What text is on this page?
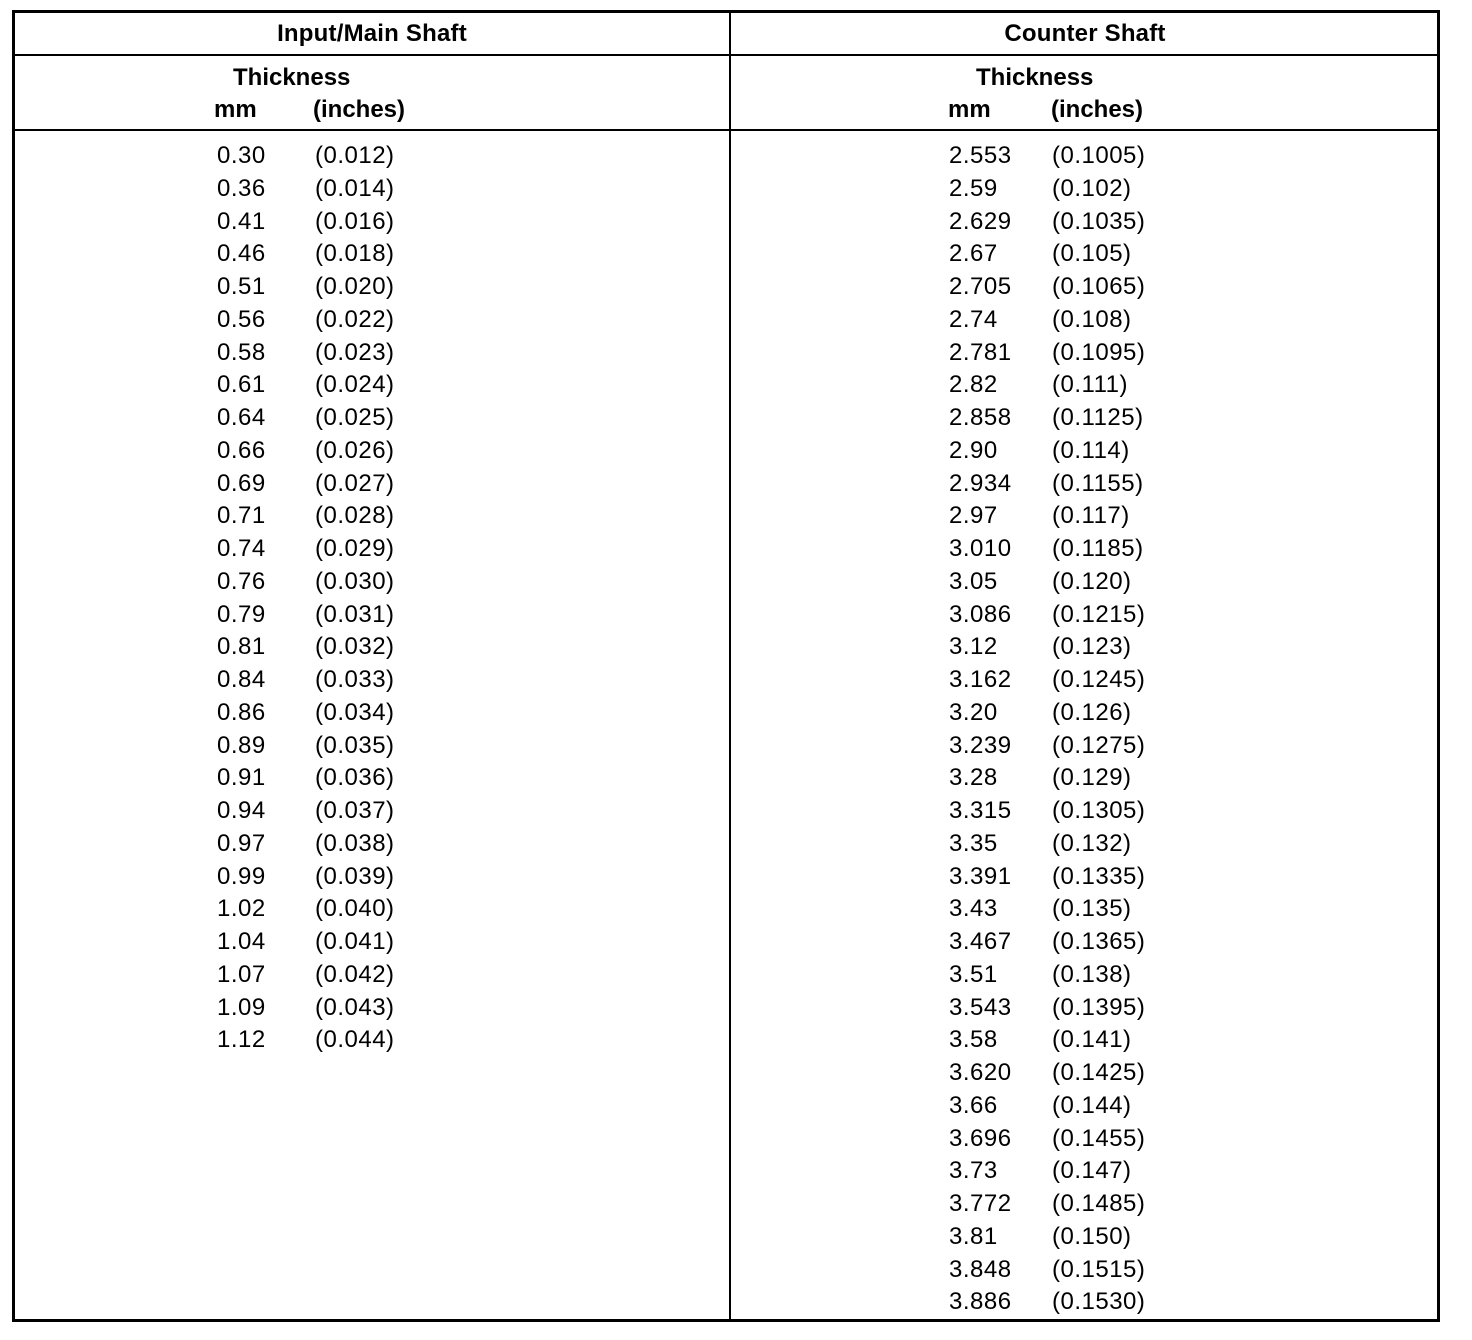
Input/Main Shaft	Counter Shaft
Thickness
mm (inches)
Thickness
mm	(inches)
0.30 (0.012)
0.36 (0.014)
0.41 (0.016)
0.46 (0.018)
0.51 (0.020)
0.56 (0.022)
0.58 (0.023)
0.61 (0.024)
0.64 (0.025)
0.66 (0.026)
0.69 (0.027)
0.71 (0.028)
0.74 (0.029)
0.76 (0.030)
0.79 (0.031)
0.81 (0.032)
0.84 (0.033)
0.86 (0.034)
0.89 (0.035)
0.91 (0.036)
0.94 (0.037)
0.97 (0.038)
0.99 (0.039)
1.02 (0.040)
1.04 (0.041)
1.07 (0.042)
1.09 (0.043)
1.12 (0.044)
2.553 (0.1005)
2.59 (0.102)
2.629 (0.1035)
2.67 (0.105)
2.705 (0.1065)
2.74 (0.108)
2.781 (0.1095)
2.82 (0.111)
2.858 (0.1125)
2.90 (0.114)
2.934 (0.1155)
2.97 (0.117)
3.010 (0.1185)
3.05 (0.120)
3.086 (0.1215)
3.12 (0.123)
3.162 (0.1245)
3.20 (0.126)
3.239 (0.1275)
3.28 (0.129)
3.315 (0.1305)
3.35 (0.132)
3.391 (0.1335)
3.43 (0.135)
3.467 (0.1365)
3.51 (0.138)
3.543 (0.1395)
3.58 (0.141)
3.620 (0.1425)
3.66 (0.144)
3.696 (0.1455)
3.73 (0.147)
3.772 (0.1485)
3.81 (0.150)
3.848 (0.1515)
3.886 (0.1530)
